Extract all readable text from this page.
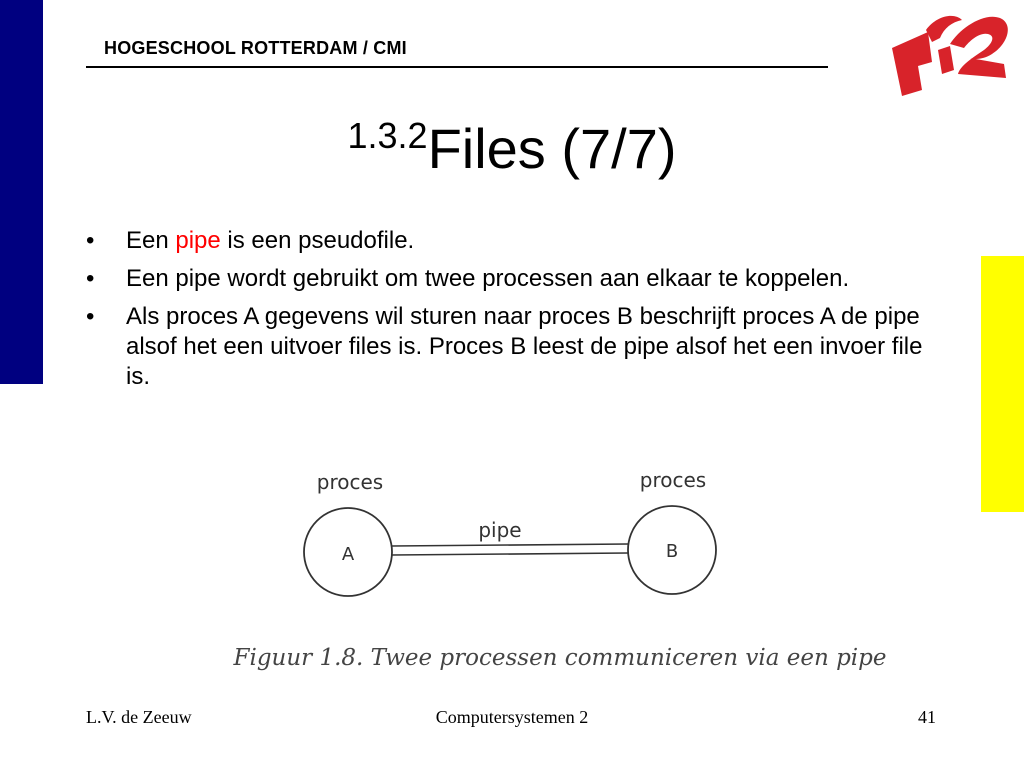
HOGESCHOOL ROTTERDAM / CMI
$^{1.3.2}$Files (7/7)
• Een pipe is een pseudofile.
• Een pipe wordt gebruikt om twee processen aan elkaar te koppelen.
• Als proces A gegevens wil sturen naar proces B beschrijft proces A de pipe alsof het een uitvoer files is. Proces B leest de pipe alsof het een invoer file is.
proces	proces
A	B
pipe
Figuur 1.8. Twee processen communiceren via een pipe
L.V. de Zeeuw	Computersystemen 2	41
